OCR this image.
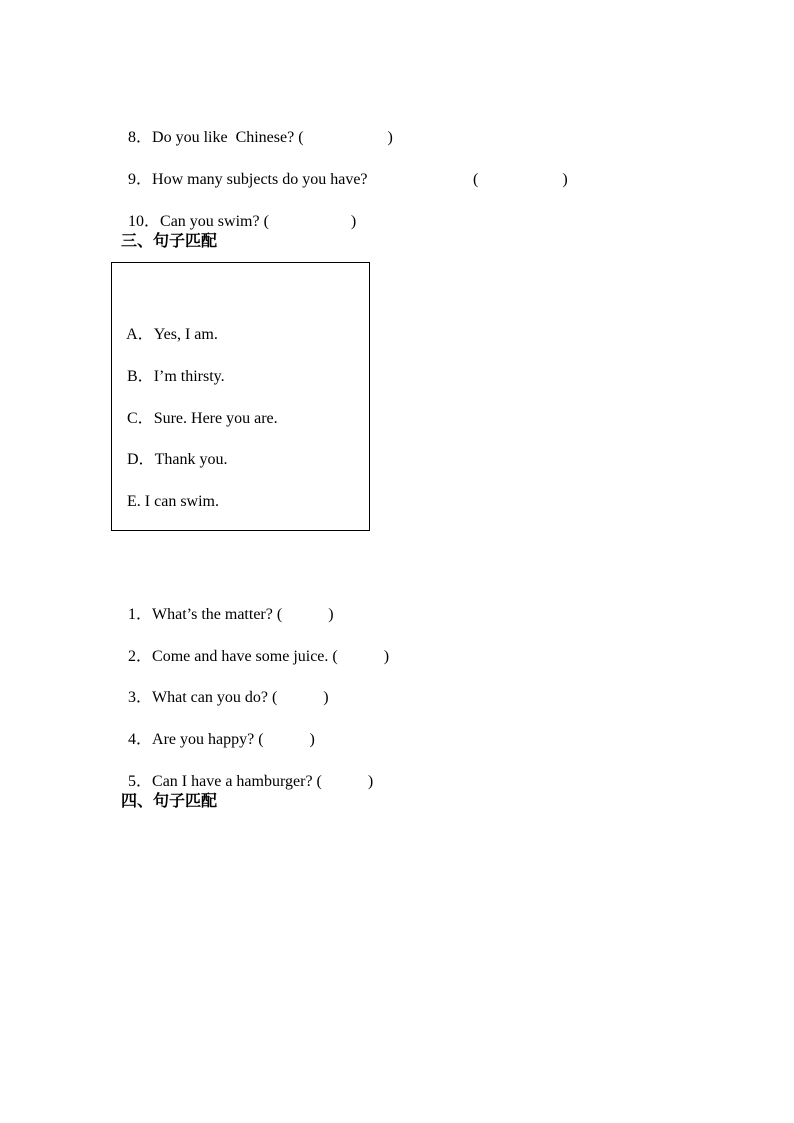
8．Do you like  Chinese? (	)

9．How many subjects do you have?	(	)

10．Can you swim? (	)

三、句子匹配

A．Yes, I am.

B．I’m thirsty.

C．Sure. Here you are.

D．Thank you.

E. I can swim.

1．What’s the matter? (	)

2．Come and have some juice. (	)

3．What can you do? (	)

4．Are you happy? (	)

5．Can I have a hamburger? (	)

四、句子匹配
